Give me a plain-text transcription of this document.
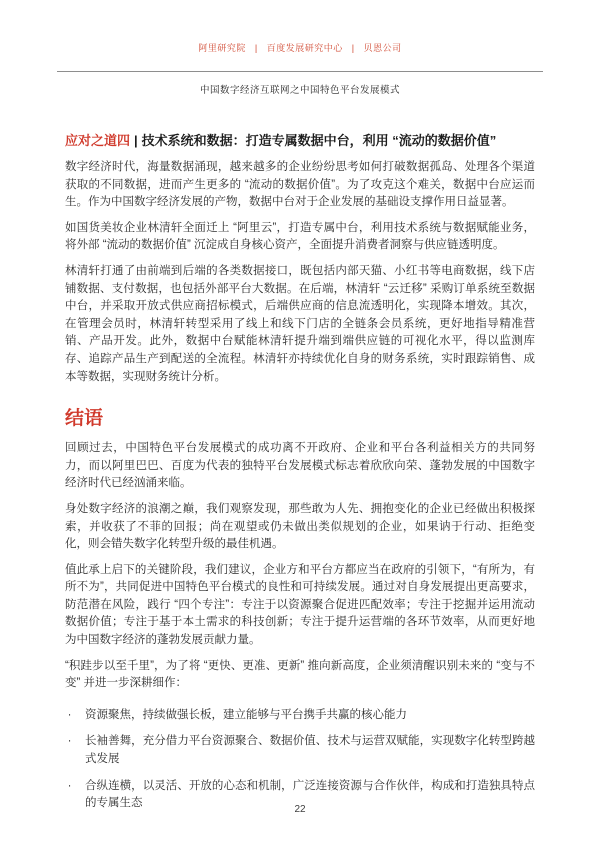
阿里研究院 | 百度发展研究中心 | 贝恩公司
中国数字经济互联网之中国特色平台发展模式
应对之道四 | 技术系统和数据：打造专属数据中台，利用 “流动的数据价值”

数字经济时代，海量数据涌现，越来越多的企业纷纷思考如何打破数据孤岛、处理各个渠道获取的不同数据，进而产生更多的 “流动的数据价值”。为了攻克这个难关，数据中台应运而生。作为中国数字经济发展的产物，数据中台对于企业发展的基础设支撑作用日益显著。

如国货美妆企业林清轩全面迁上 “阿里云”，打造专属中台，利用技术系统与数据赋能业务，将外部 “流动的数据价值” 沉淀成自身核心资产，全面提升消费者洞察与供应链透明度。

林清轩打通了由前端到后端的各类数据接口，既包括内部天猫、小红书等电商数据，线下店铺数据、支付数据，也包括外部平台大数据。在后端，林清轩 “云迁移” 采购订单系统至数据中台，并采取开放式供应商招标模式，后端供应商的信息流透明化，实现降本增效。其次，在管理会员时，林清轩转型采用了线上和线下门店的全链条会员系统，更好地指导精准营销、产品开发。此外，数据中台赋能林清轩提升端到端供应链的可视化水平，得以监测库存、追踪产品生产到配送的全流程。林清轩亦持续优化自身的财务系统，实时跟踪销售、成本等数据，实现财务统计分析。

结语

回顾过去，中国特色平台发展模式的成功离不开政府、企业和平台各利益相关方的共同努力，而以阿里巴巴、百度为代表的独特平台发展模式标志着欣欣向荣、蓬勃发展的中国数字经济时代已经汹涌来临。

身处数字经济的浪潮之巅，我们观察发现，那些敢为人先、拥抱变化的企业已经做出积极探索，并收获了不菲的回报；尚在观望或仍未做出类似规划的企业，如果讷于行动、拒绝变化，则会错失数字化转型升级的最佳机遇。

值此承上启下的关键阶段，我们建议，企业方和平台方都应当在政府的引领下，“有所为，有所不为”，共同促进中国特色平台模式的良性和可持续发展。通过对自身发展提出更高要求，防范潜在风险，践行 “四个专注”：专注于以资源聚合促进匹配效率；专注于挖掘并运用流动数据价值；专注于基于本土需求的科技创新；专注于提升运营端的各环节效率，从而更好地为中国数字经济的蓬勃发展贡献力量。

“积跬步以至千里”，为了将 “更快、更准、更新” 推向新高度，企业须清醒识别未来的 “变与不变” 并进一步深耕细作：

· 资源聚焦，持续做强长板，建立能够与平台携手共赢的核心能力
· 长袖善舞，充分借力平台资源聚合、数据价值、技术与运营双赋能，实现数字化转型跨越式发展
· 合纵连横，以灵活、开放的心态和机制，广泛连接资源与合作伙伴，构成和打造独具特点的专属生态
22
